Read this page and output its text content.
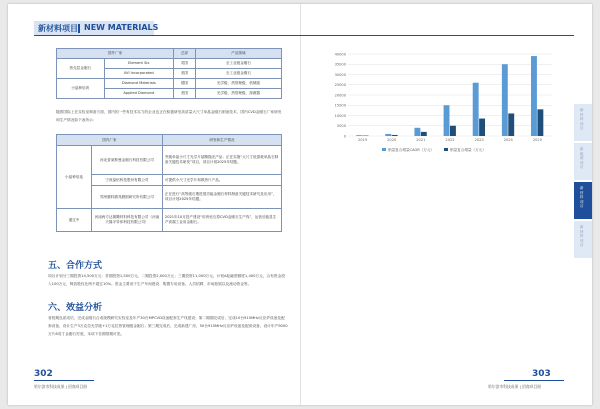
新材料项目 NEW MATERIALS
国外厂家		总部	产品领域
热壳层金刚石	Element Six	英国	全工业级金刚石
	IIVI Incorporated	美国	全工业级金刚石
小晶种培育	Diamond Materials	德国	光学级、热管理级、机械级
	Applied Diamond	美国	光学级、热管理级、探测器

随着国际上在实验室制备方面，国内的一些有技术实力的企业也正在积极研发高质量大尺寸单晶金刚石制备技术，国内CVD金刚石厂家研发和生产情况如下表所示：

国内厂家		研发和生产情况
小晶种培选	河北普莱斯曼金刚石科技有限公司	突破单晶小尺寸光学片超精抛光产品；正在实施“大尺寸低损耗单晶石制备关键技术研发”项目，项目计划2025年结题。
	宁波晶钻科技股份有限公司	可提供小尺寸光学片和散热片产品。
	郑州磨料磨具磨削研究所有限公司	正在进行“高等级石墨进展功能金刚石材料制备关键技术研究及应用”，项目计划2025年结题。
通过中	河南两方达图腾材料科技有限公司（河南天隆半导体科技有限公司）	2021年10月投产建设“培育钻石将CVD金刚石生产线”，运营后能显生产高端工业用金刚石。
五、合作方式

项目计划分三期投资14,500万元：首期投资1,500万元，二期投资2,000万元；三期投资11,000万元。计划A轮融资额度1,400万元，合有资金投入100万元，释放股权比例不超过10%。资金主要用于生产车间建设、购置专用设备、人员招聘、市场拓展以及流动资金等。

六、效益分析

省校期良质成后，完成金刚石合成规模研究实验室及年产30台MPCVD设备配套生产线建设；第二期期完成后，完成10台915MHz反应炉设备及配套设备，设计生产3万克拉光学级+1万克拉热管理级金刚石；第三期完成后，完成新建厂房，50台915MHz反应炉设备及配套设备，设计年产9000万片6英寸金刚石衬底，本项下各期预期可见。

0
5000
10000
15000
20000
25000
30000
35000
40000
2019	2020	2021	2022	2023	2024	2025
销量复合增量CAGR（万元）	销量复合增量（万元）
新材料项目
新能源项目
新材料项目
新材料项目
302
哈尔滨市科技成果 | 招商项目册
303
哈尔滨市科技成果 | 招商项目册
